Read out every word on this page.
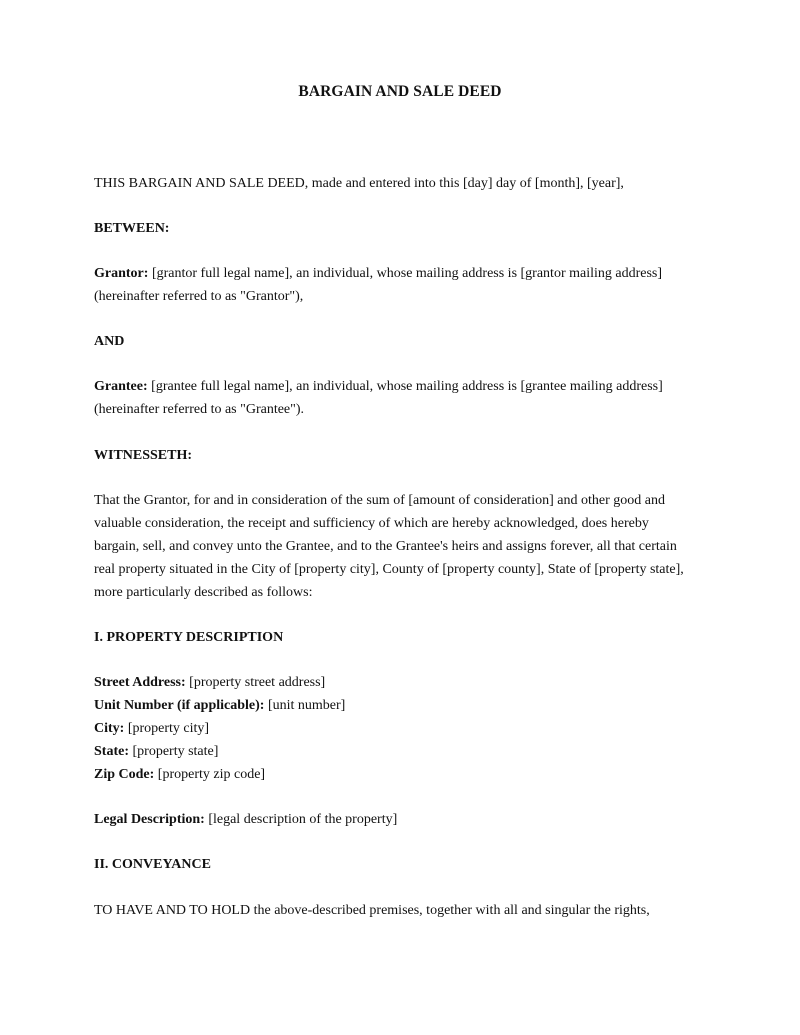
BARGAIN AND SALE DEED

THIS BARGAIN AND SALE DEED, made and entered into this [day] day of [month], [year],

BETWEEN:

Grantor: [grantor full legal name], an individual, whose mailing address is [grantor mailing address]
(hereinafter referred to as "Grantor"),

AND

Grantee: [grantee full legal name], an individual, whose mailing address is [grantee mailing address]
(hereinafter referred to as "Grantee").

WITNESSETH:

That the Grantor, for and in consideration of the sum of [amount of consideration] and other good and
valuable consideration, the receipt and sufficiency of which are hereby acknowledged, does hereby
bargain, sell, and convey unto the Grantee, and to the Grantee's heirs and assigns forever, all that certain
real property situated in the City of [property city], County of [property county], State of [property state],
more particularly described as follows:

I. PROPERTY DESCRIPTION

Street Address: [property street address]
Unit Number (if applicable): [unit number]
City: [property city]
State: [property state]
Zip Code: [property zip code]
Legal Description: [legal description of the property]

II. CONVEYANCE

TO HAVE AND TO HOLD the above-described premises, together with all and singular the rights,
